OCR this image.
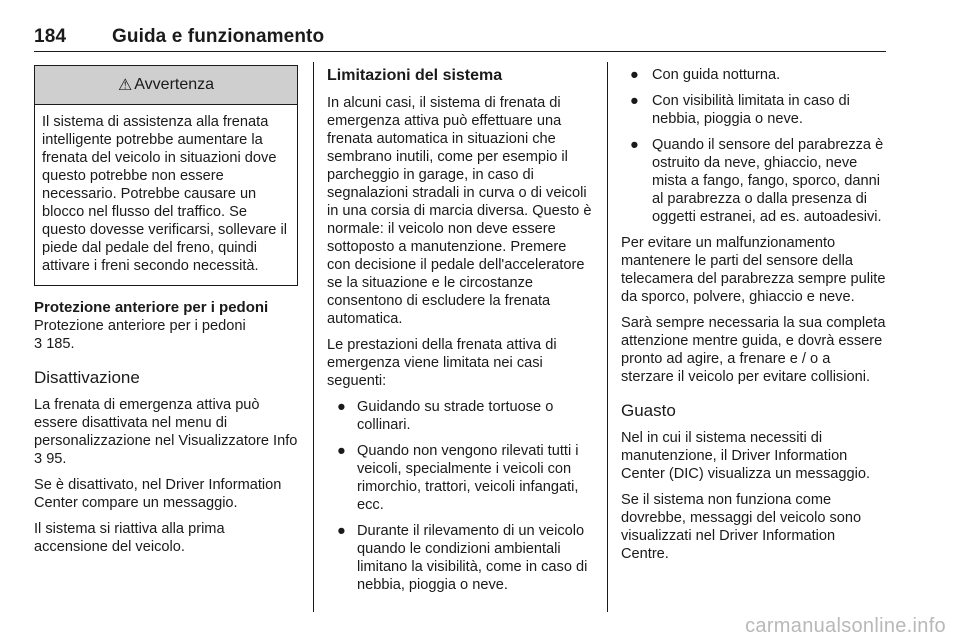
184 Guida e funzionamento
⚠ Avvertenza

Il sistema di assistenza alla frenata intelligente potrebbe aumentare la frenata del veicolo in situazioni dove questo potrebbe non essere necessario. Potrebbe causare un blocco nel flusso del traffico. Se questo dovesse verificarsi, sollevare il piede dal pedale del freno, quindi attivare i freni secondo necessità.

Protezione anteriore per i pedoni

Protezione anteriore per i pedoni
3 185.

Disattivazione

La frenata di emergenza attiva può essere disattivata nel menu di personalizzazione nel Visualizzatore Info
3 95.

Se è disattivato, nel Driver Information Center compare un messaggio.

Il sistema si riattiva alla prima accensione del veicolo.

Limitazioni del sistema

In alcuni casi, il sistema di frenata di emergenza attiva può effettuare una frenata automatica in situazioni che sembrano inutili, come per esempio il parcheggio in garage, in caso di segnalazioni stradali in curva o di veicoli in una corsia di marcia diversa. Questo è normale: il veicolo non deve essere sottoposto a manutenzione. Premere con decisione il pedale dell'acceleratore se la situazione e le circostanze consentono di escludere la frenata automatica.

Le prestazioni della frenata attiva di emergenza viene limitata nei casi seguenti:

● Guidando su strade tortuose o collinari.
● Quando non vengono rilevati tutti i veicoli, specialmente i veicoli con rimorchio, trattori, veicoli infangati, ecc.
● Durante il rilevamento di un veicolo quando le condizioni ambientali limitano la visibilità, come in caso di nebbia, pioggia o neve.
● Con guida notturna.
● Con visibilità limitata in caso di nebbia, pioggia o neve.
● Quando il sensore del parabrezza è ostruito da neve, ghiaccio, neve mista a fango, fango, sporco, danni al parabrezza o dalla presenza di oggetti estranei, ad es. autoadesivi.

Per evitare un malfunzionamento mantenere le parti del sensore della telecamera del parabrezza sempre pulite da sporco, polvere, ghiaccio e neve.

Sarà sempre necessaria la sua completa attenzione mentre guida, e dovrà essere pronto ad agire, a frenare e / o a sterzare il veicolo per evitare collisioni.

Guasto

Nel in cui il sistema necessiti di manutenzione, il Driver Information Center (DIC) visualizza un messaggio.

Se il sistema non funziona come dovrebbe, messaggi del veicolo sono visualizzati nel Driver Information Centre.

carmanualsonline.info
